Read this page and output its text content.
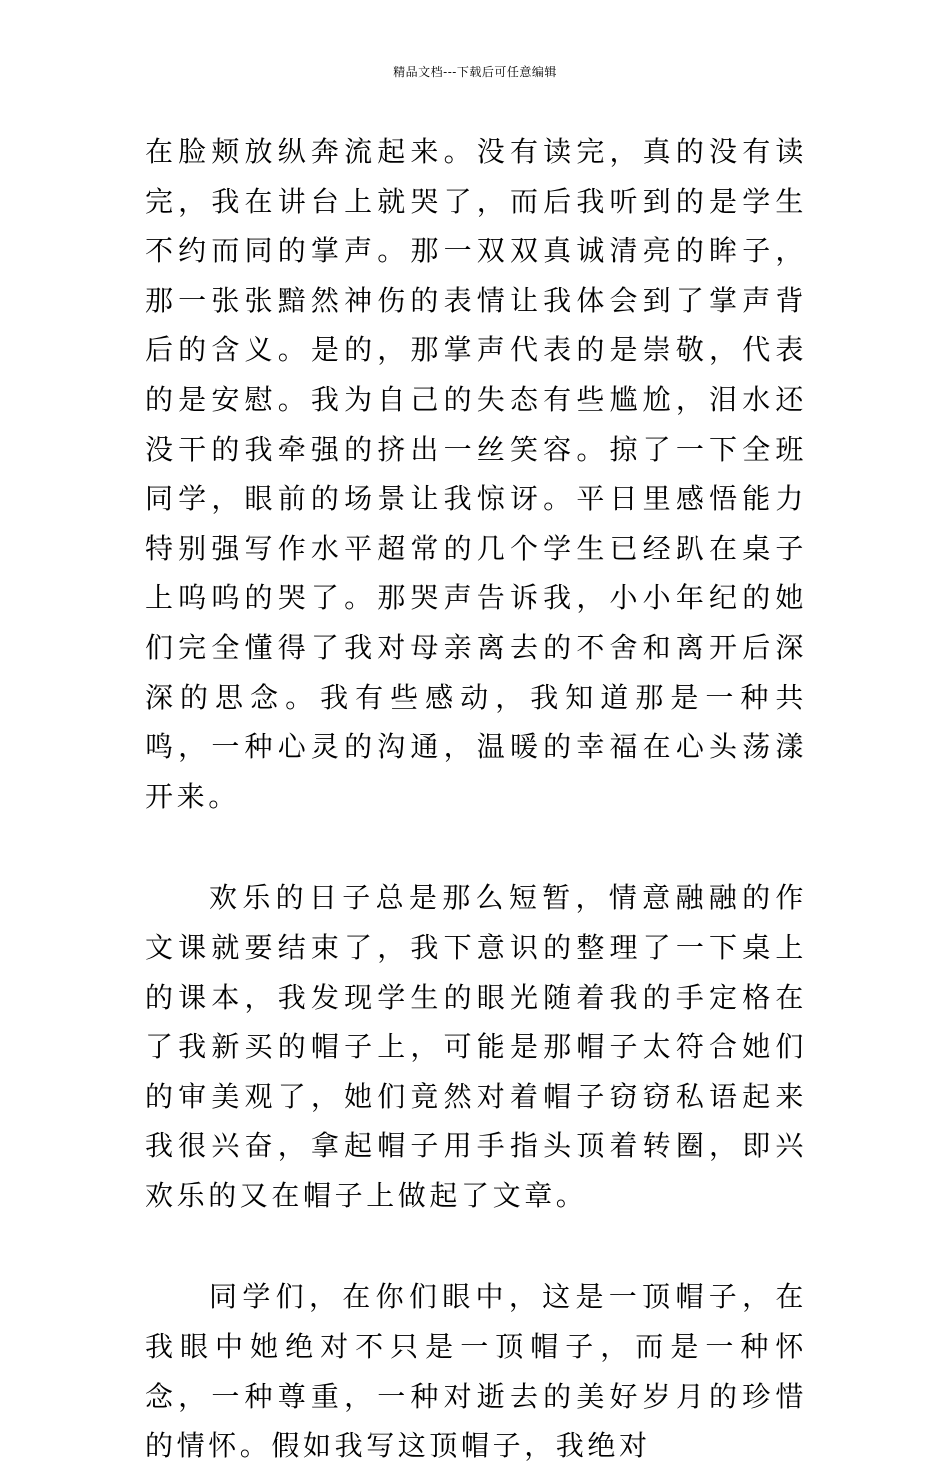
精品文档---下载后可任意编辑

在脸颊放纵奔流起来。没有读完，真的没有读完，我在讲台上就哭了，而后我听到的是学生不约而同的掌声。那一双双真诚清亮的眸子，那一张张黯然神伤的表情让我体会到了掌声背后的含义。是的，那掌声代表的是崇敬，代表的是安慰。我为自己的失态有些尴尬，泪水还没干的我牵强的挤出一丝笑容。掠了一下全班同学，眼前的场景让我惊讶。平日里感悟能力特别强写作水平超常的几个学生已经趴在桌子上呜呜的哭了。那哭声告诉我，小小年纪的她们完全懂得了我对母亲离去的不舍和离开后深深的思念。我有些感动，我知道那是一种共鸣，一种心灵的沟通，温暖的幸福在心头荡漾开来。

欢乐的日子总是那么短暂，情意融融的作文课就要结束了，我下意识的整理了一下桌上的课本，我发现学生的眼光随着我的手定格在了我新买的帽子上，可能是那帽子太符合她们的审美观了，她们竟然对着帽子窃窃私语起来我很兴奋，拿起帽子用手指头顶着转圈，即兴欢乐的又在帽子上做起了文章。

同学们，在你们眼中，这是一顶帽子，在我眼中她绝对不只是一顶帽子，而是一种怀念，一种尊重，一种对逝去的美好岁月的珍惜的情怀。假如我写这顶帽子，我绝对
